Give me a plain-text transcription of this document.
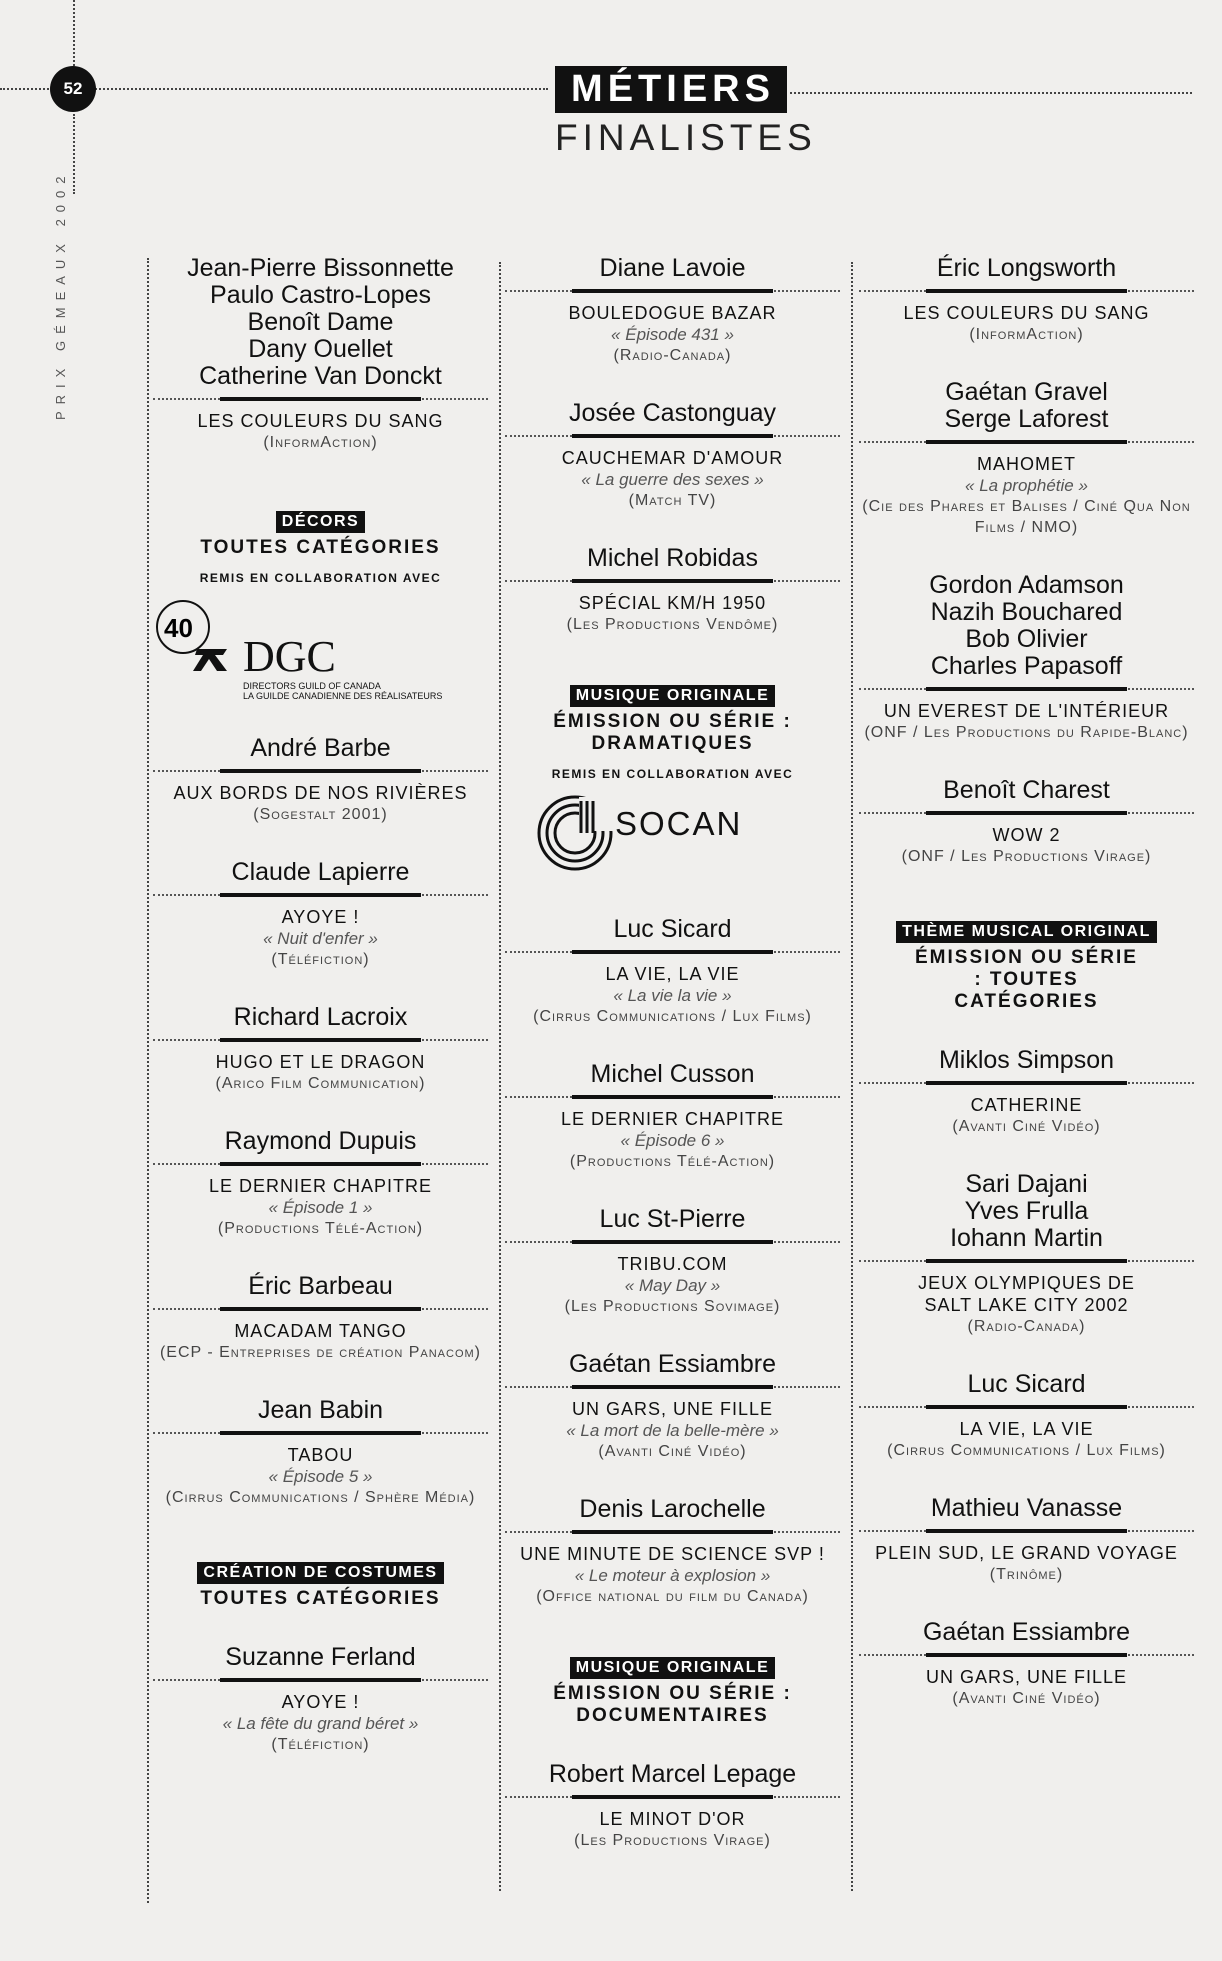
52
PRIX GÉMEAUX 2002
MÉTIERS
FINALISTES
Jean-Pierre Bissonnette
Paulo Castro-Lopes
Benoît Dame
Dany Ouellet
Catherine Van Donckt
LES COULEURS DU SANG
(InformAction)
DÉCORS
TOUTES CATÉGORIES
REMIS EN COLLABORATION AVEC
40
DGC
DIRECTORS GUILD OF CANADA
LA GUILDE CANADIENNE DES RÉALISATEURS
André Barbe
AUX BORDS DE NOS RIVIÈRES
(Sogestalt 2001)
Claude Lapierre
AYOYE !
« Nuit d'enfer »
(Téléfiction)
Richard Lacroix
HUGO ET LE DRAGON
(Arico Film Communication)
Raymond Dupuis
LE DERNIER CHAPITRE
« Épisode 1 »
(Productions Télé-Action)
Éric Barbeau
MACADAM TANGO
(ECP - Entreprises de création Panacom)
Jean Babin
TABOU
« Épisode 5 »
(Cirrus Communications / Sphère Média)
CRÉATION DE COSTUMES
TOUTES CATÉGORIES
Suzanne Ferland
AYOYE !
« La fête du grand béret »
(Téléfiction)
Diane Lavoie
BOULEDOGUE BAZAR
« Épisode 431 »
(Radio-Canada)
Josée Castonguay
CAUCHEMAR D'AMOUR
« La guerre des sexes »
(Match TV)
Michel Robidas
SPÉCIAL KM/H 1950
(Les Productions Vendôme)
MUSIQUE ORIGINALE
ÉMISSION OU SÉRIE : DRAMATIQUES
REMIS EN COLLABORATION AVEC
SOCAN
Luc Sicard
LA VIE, LA VIE
« La vie la vie »
(Cirrus Communications / Lux Films)
Michel Cusson
LE DERNIER CHAPITRE
« Épisode 6 »
(Productions Télé-Action)
Luc St-Pierre
TRIBU.COM
« May Day »
(Les Productions Sovimage)
Gaétan Essiambre
UN GARS, UNE FILLE
« La mort de la belle-mère »
(Avanti Ciné Vidéo)
Denis Larochelle
UNE MINUTE DE SCIENCE SVP !
« Le moteur à explosion »
(Office national du film du Canada)
MUSIQUE ORIGINALE
ÉMISSION OU SÉRIE : DOCUMENTAIRES
Robert Marcel Lepage
LE MINOT D'OR
(Les Productions Virage)
Éric Longsworth
LES COULEURS DU SANG
(InformAction)
Gaétan Gravel
Serge Laforest
MAHOMET
« La prophétie »
(Cie des Phares et Balises / Ciné Qua Non Films / NMO)
Gordon Adamson
Nazih Bouchared
Bob Olivier
Charles Papasoff
UN EVEREST DE L'INTÉRIEUR
(ONF / Les Productions du Rapide-Blanc)
Benoît Charest
WOW 2
(ONF / Les Productions Virage)
THÈME MUSICAL ORIGINAL
ÉMISSION OU SÉRIE : TOUTES CATÉGORIES
Miklos Simpson
CATHERINE
(Avanti Ciné Vidéo)
Sari Dajani
Yves Frulla
Iohann Martin
JEUX OLYMPIQUES DE SALT LAKE CITY 2002
(Radio-Canada)
Luc Sicard
LA VIE, LA VIE
(Cirrus Communications / Lux Films)
Mathieu Vanasse
PLEIN SUD, LE GRAND VOYAGE
(Trinôme)
Gaétan Essiambre
UN GARS, UNE FILLE
(Avanti Ciné Vidéo)
